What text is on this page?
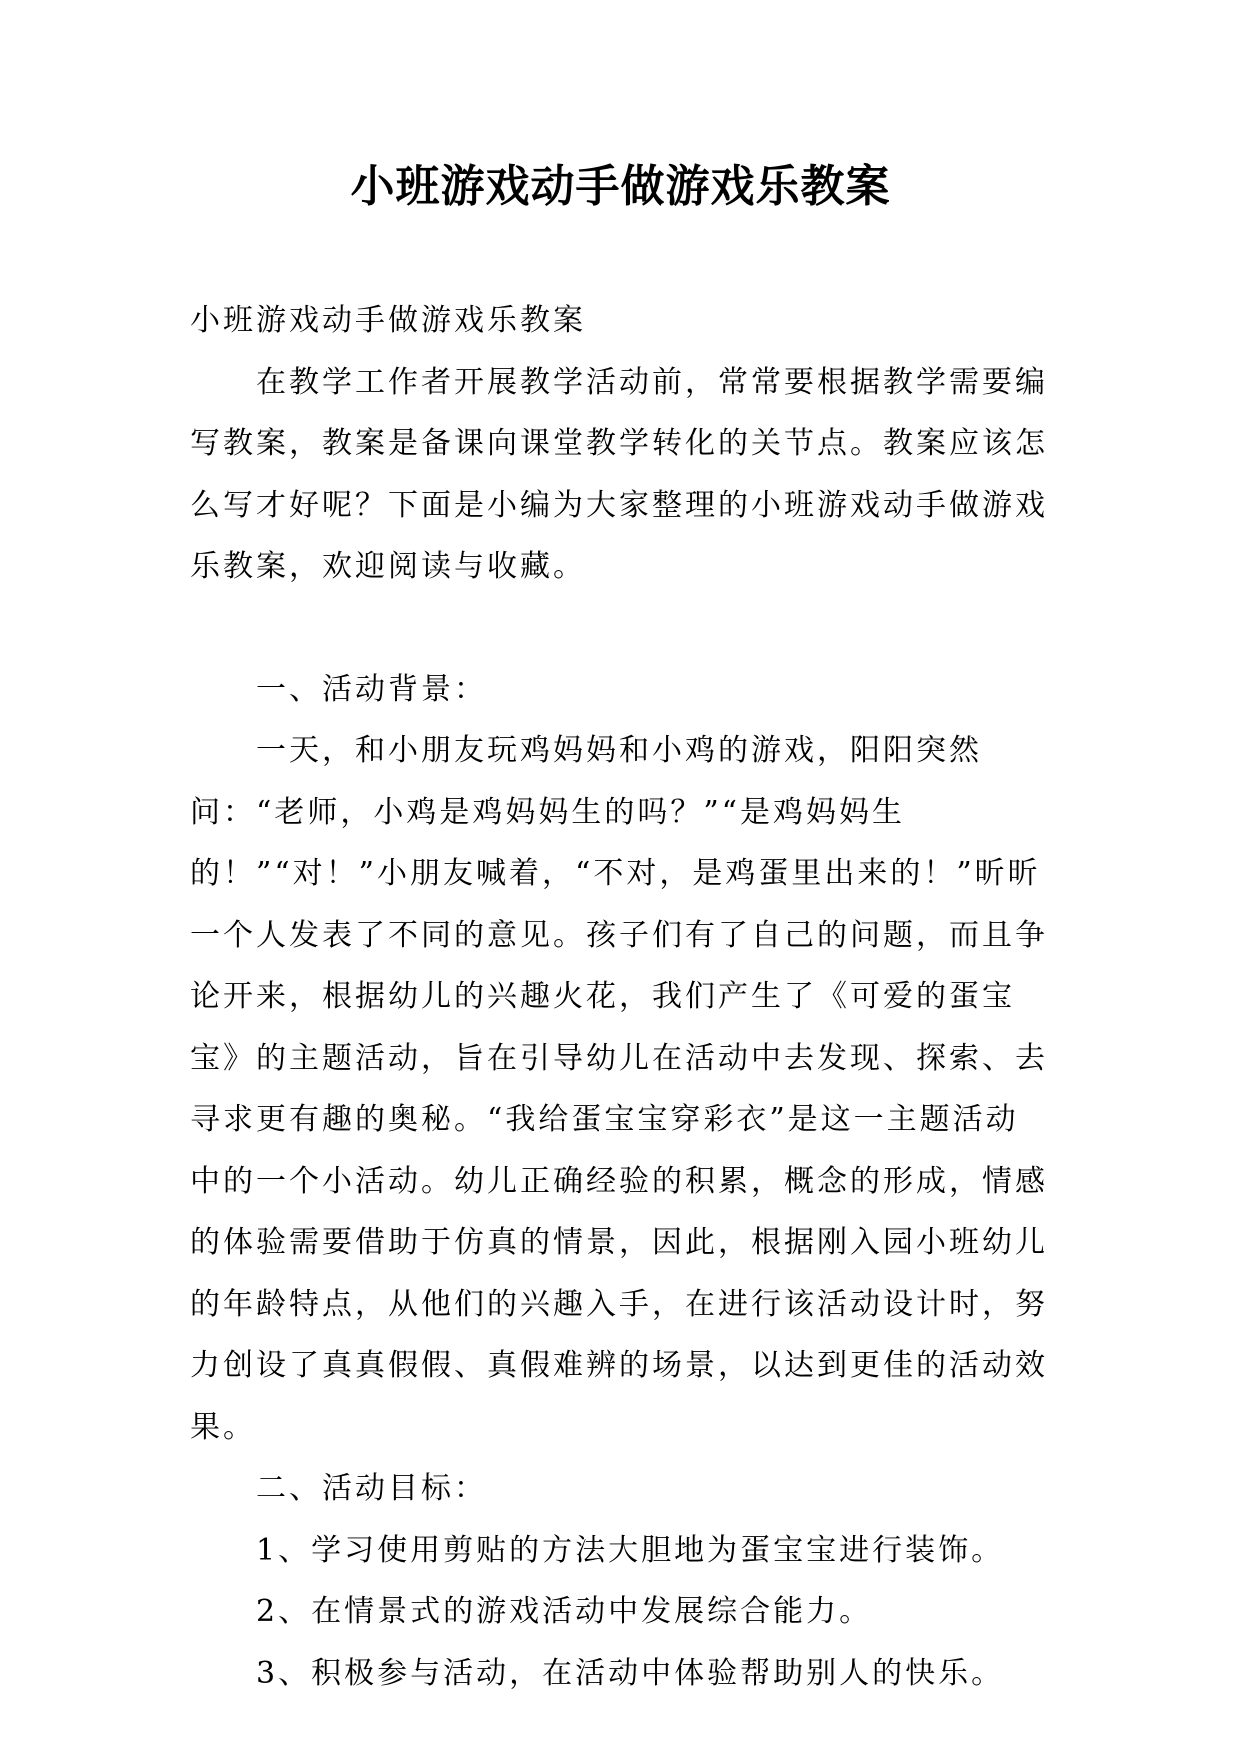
小班游戏动手做游戏乐教案

小班游戏动手做游戏乐教案

在教学工作者开展教学活动前，常常要根据教学需要编写教案，教案是备课向课堂教学转化的关节点。教案应该怎么写才好呢？下面是小编为大家整理的小班游戏动手做游戏乐教案，欢迎阅读与收藏。

一、活动背景：

一天，和小朋友玩鸡妈妈和小鸡的游戏，阳阳突然问：“老师，小鸡是鸡妈妈生的吗？”“是鸡妈妈生的！”“对！”小朋友喊着，“不对，是鸡蛋里出来的！”昕昕一个人发表了不同的意见。孩子们有了自己的问题，而且争论开来，根据幼儿的兴趣火花，我们产生了《可爱的蛋宝宝》的主题活动，旨在引导幼儿在活动中去发现、探索、去寻求更有趣的奥秘。“我给蛋宝宝穿彩衣”是这一主题活动中的一个小活动。幼儿正确经验的积累，概念的形成，情感的体验需要借助于仿真的情景，因此，根据刚入园小班幼儿的年龄特点，从他们的兴趣入手，在进行该活动设计时，努力创设了真真假假、真假难辨的场景，以达到更佳的活动效果。

二、活动目标：

1、学习使用剪贴的方法大胆地为蛋宝宝进行装饰。

2、在情景式的游戏活动中发展综合能力。

3、积极参与活动，在活动中体验帮助别人的快乐。
